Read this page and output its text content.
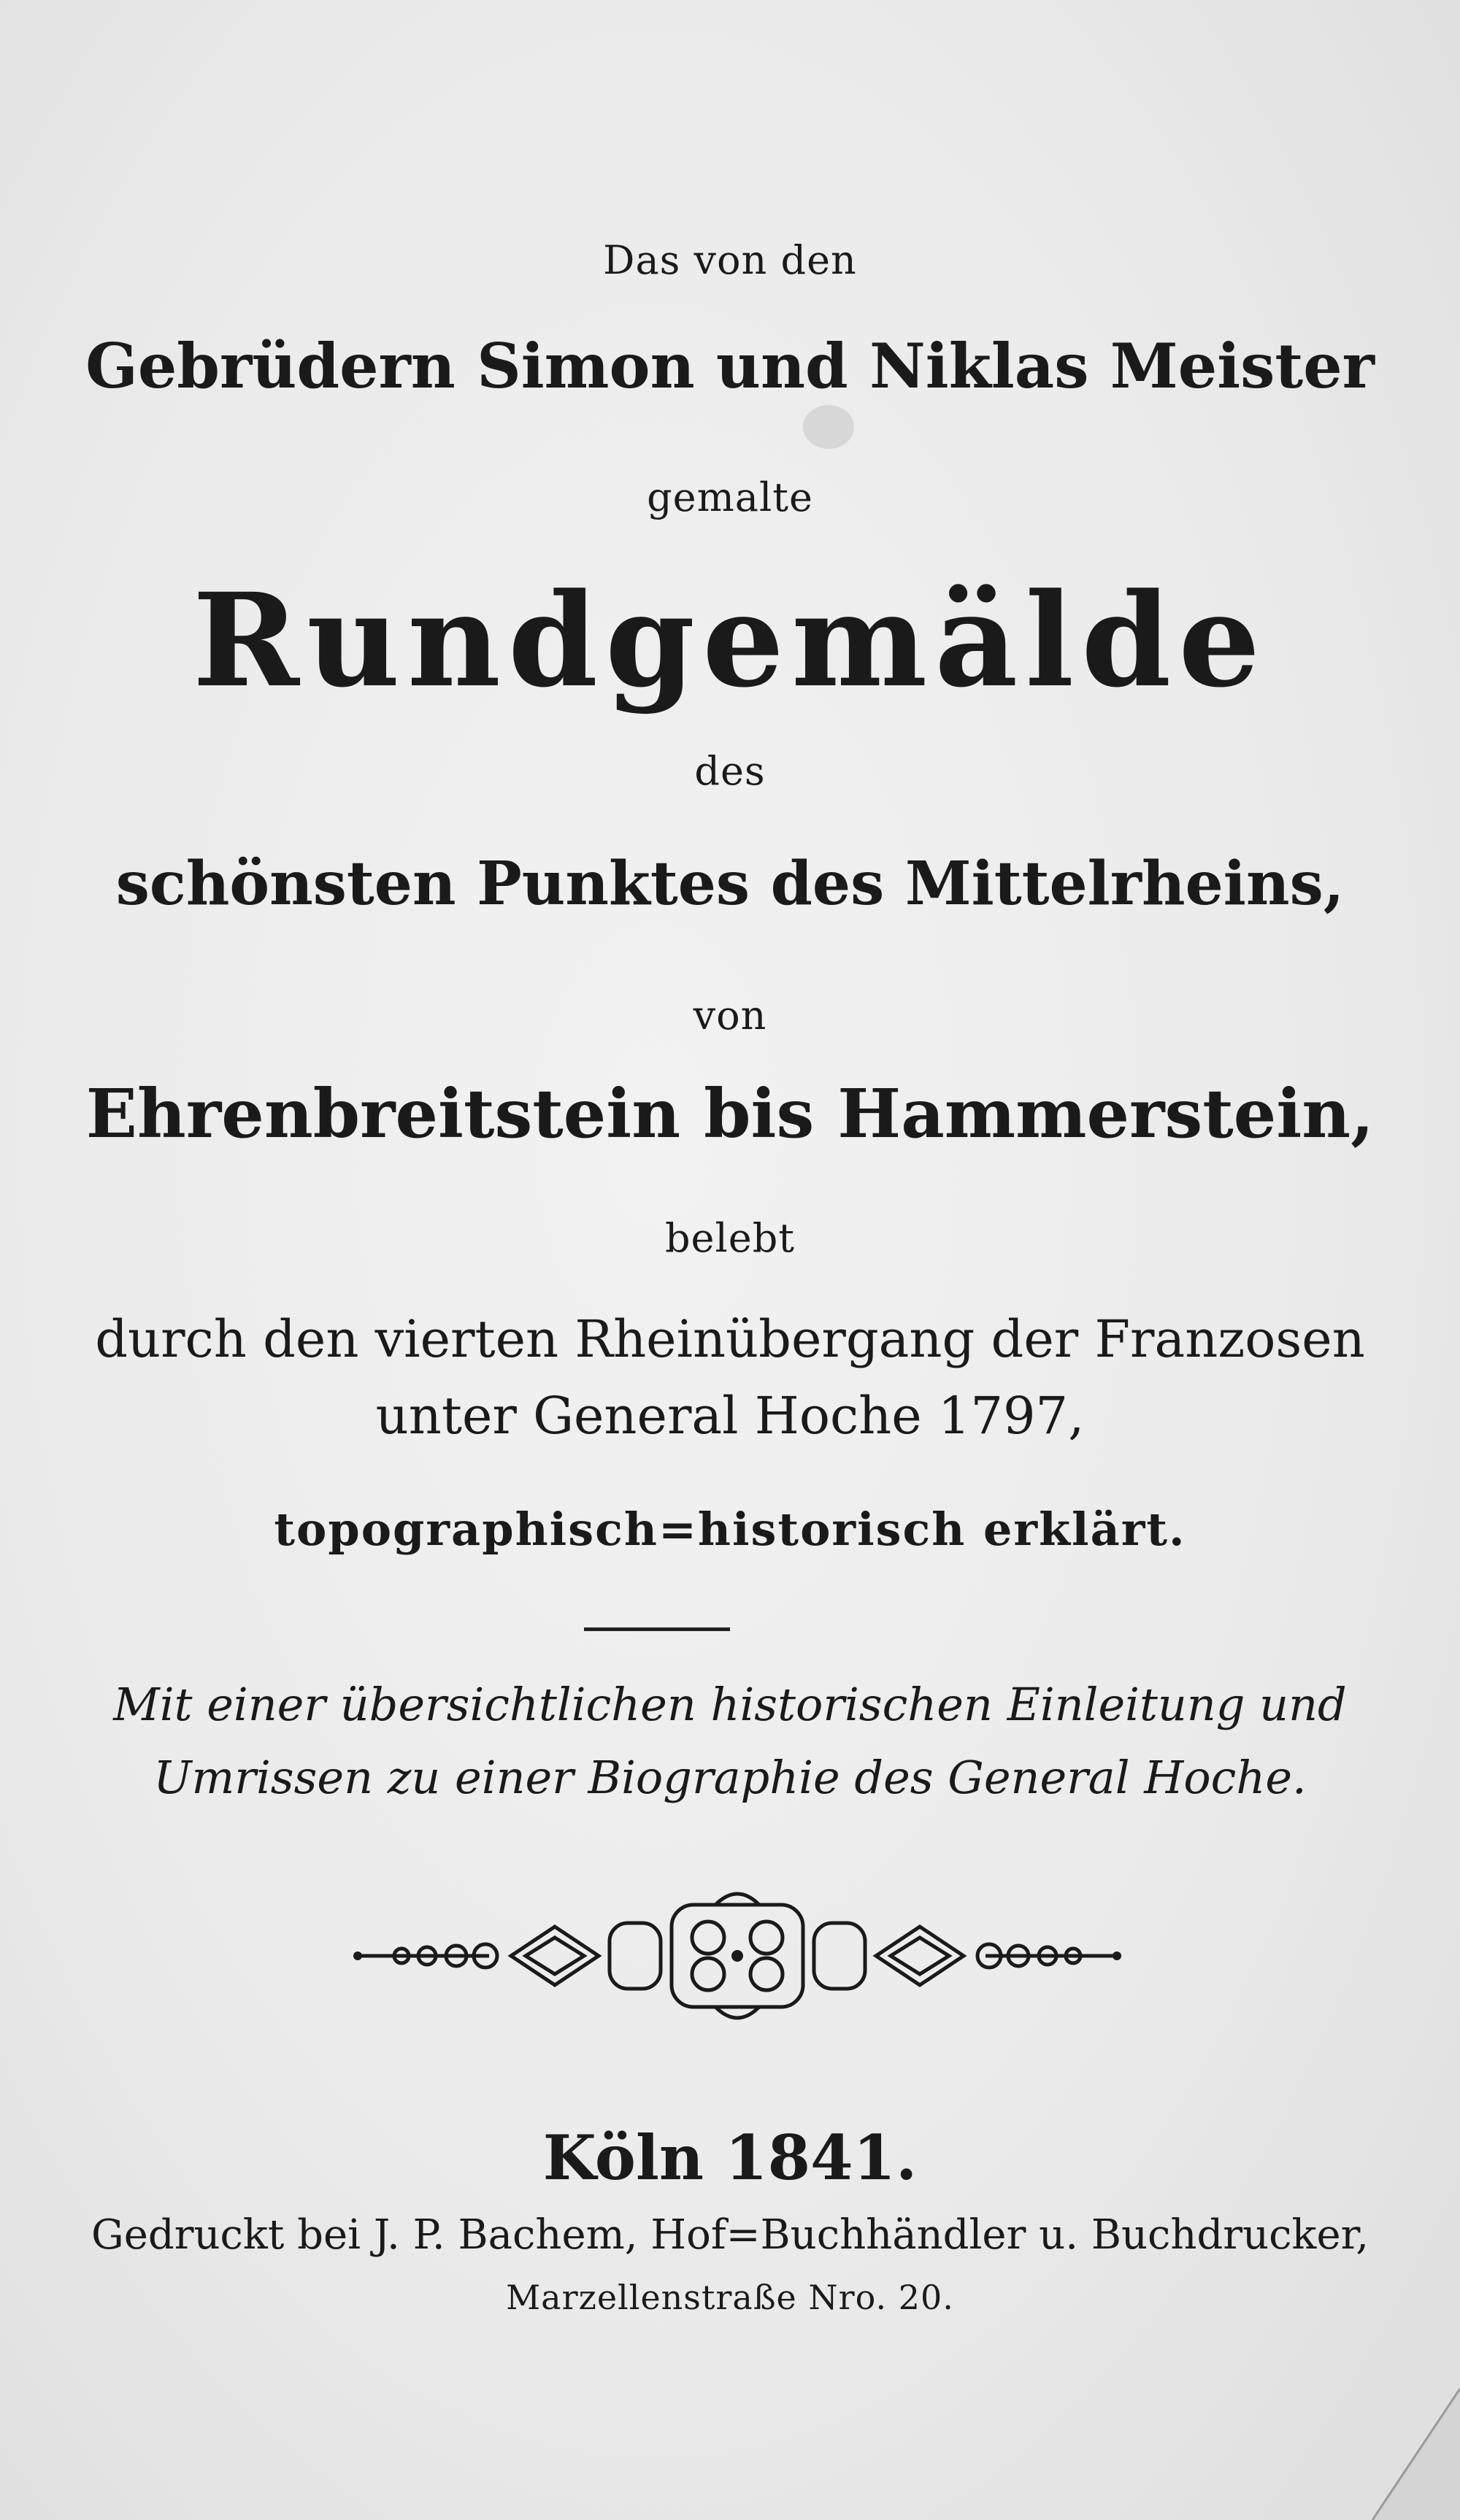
Das von den
Gebrüdern Simon und Niklas Meister
gemalte
Rundgemälde
des
schönsten Punktes des Mittelrheins,
von
Ehrenbreitstein bis Hammerstein,
belebt
durch den vierten Rheinübergang der Franzosen
unter General Hoche 1797,
topographisch=historisch erklärt.
Mit einer übersichtlichen historischen Einleitung und
Umrissen zu einer Biographie des General Hoche.
Köln 1841.
Gedruckt bei J. P. Bachem, Hof=Buchhändler u. Buchdrucker,
Marzellenstraße Nro. 20.
